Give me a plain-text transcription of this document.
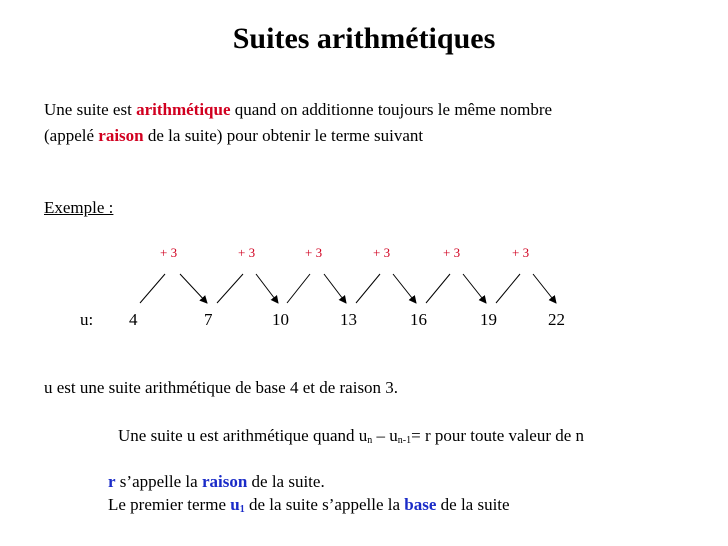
Suites arithmétiques
Une suite est arithmétique quand on additionne toujours le même nombre
(appelé raison de la suite) pour obtenir le terme suivant
Exemple :
+ 3	+ 3	+ 3	+ 3	+ 3	+ 3
u: 4	7	10	13	16	19	22
u est une suite arithmétique de base 4 et de raison 3.
Une suite u est arithmétique quand $u_n - u_{n-1}= r$ pour toute valeur de n
r s’appelle la raison de la suite.
Le premier terme $u_1$ de la suite s’appelle la base de la suite
